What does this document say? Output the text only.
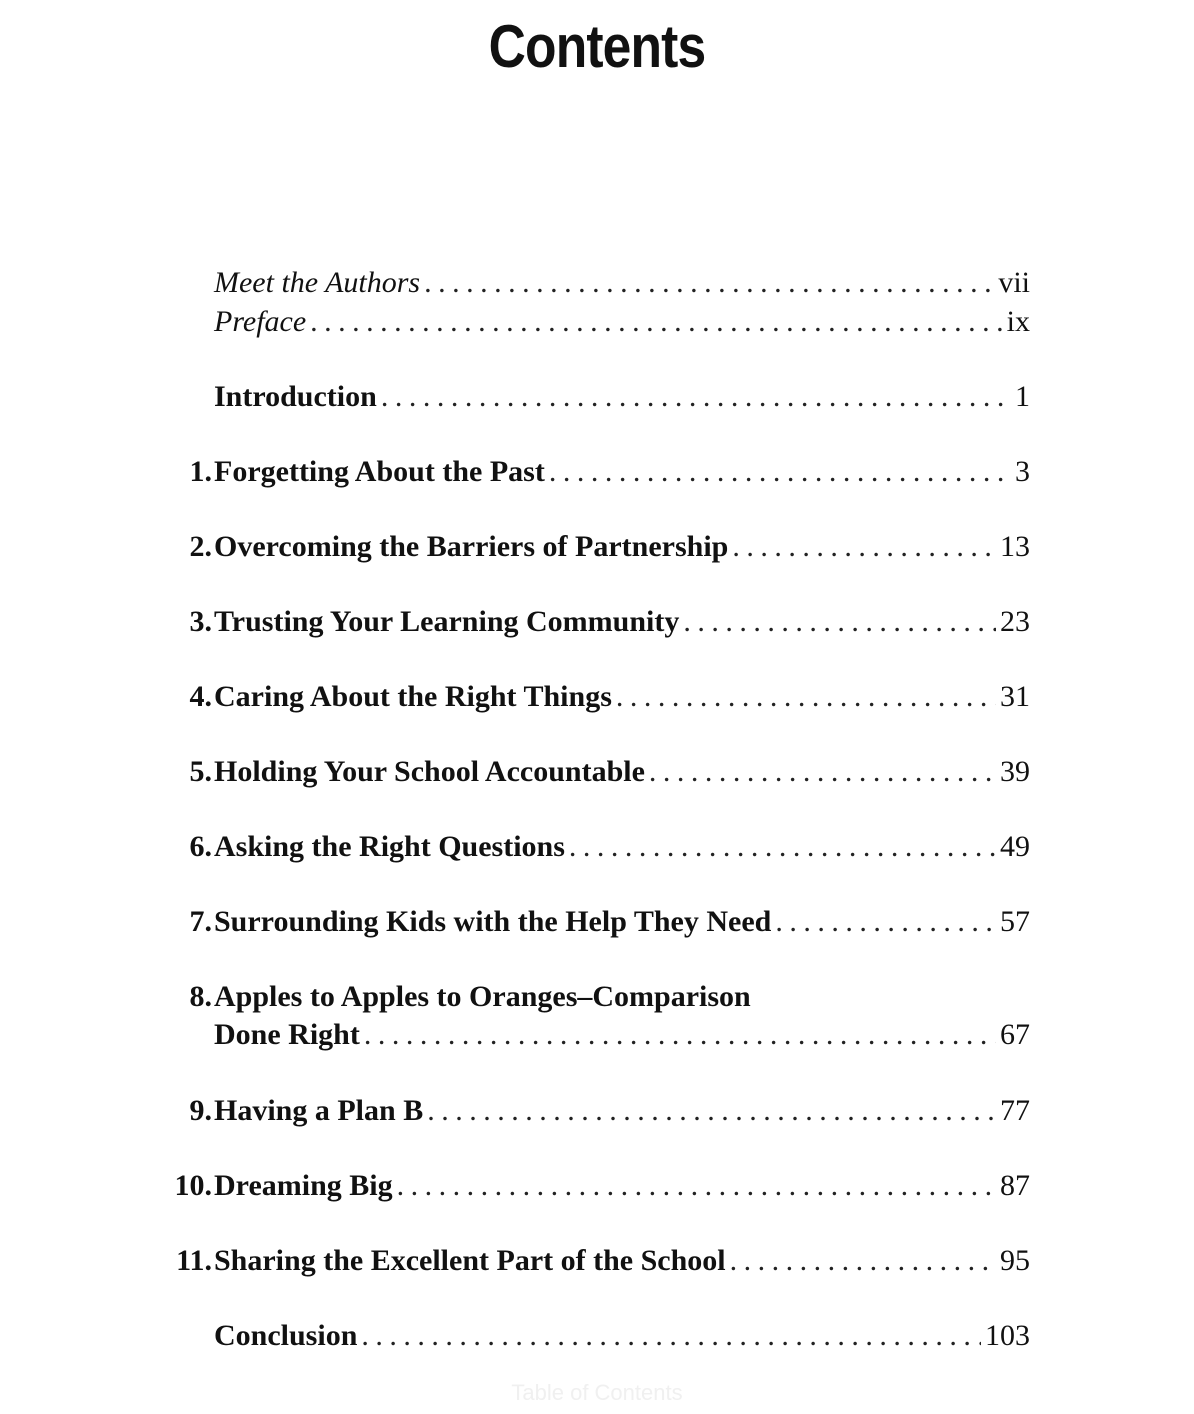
Contents
Meet the Authors .....	vii
Preface .....	ix
Introduction .....	1
1. Forgetting About the Past .....	3
2. Overcoming the Barriers of Partnership .....	13
3. Trusting Your Learning Community .....	23
4. Caring About the Right Things .....	31
5. Holding Your School Accountable .....	39
6. Asking the Right Questions .....	49
7. Surrounding Kids with the Help They Need .....	57
8. Apples to Apples to Oranges–Comparison
Done Right .....	67
9. Having a Plan B .....	77
10. Dreaming Big .....	87
11. Sharing the Excellent Part of the School .....	95
Conclusion .....	103
Table of Contents
